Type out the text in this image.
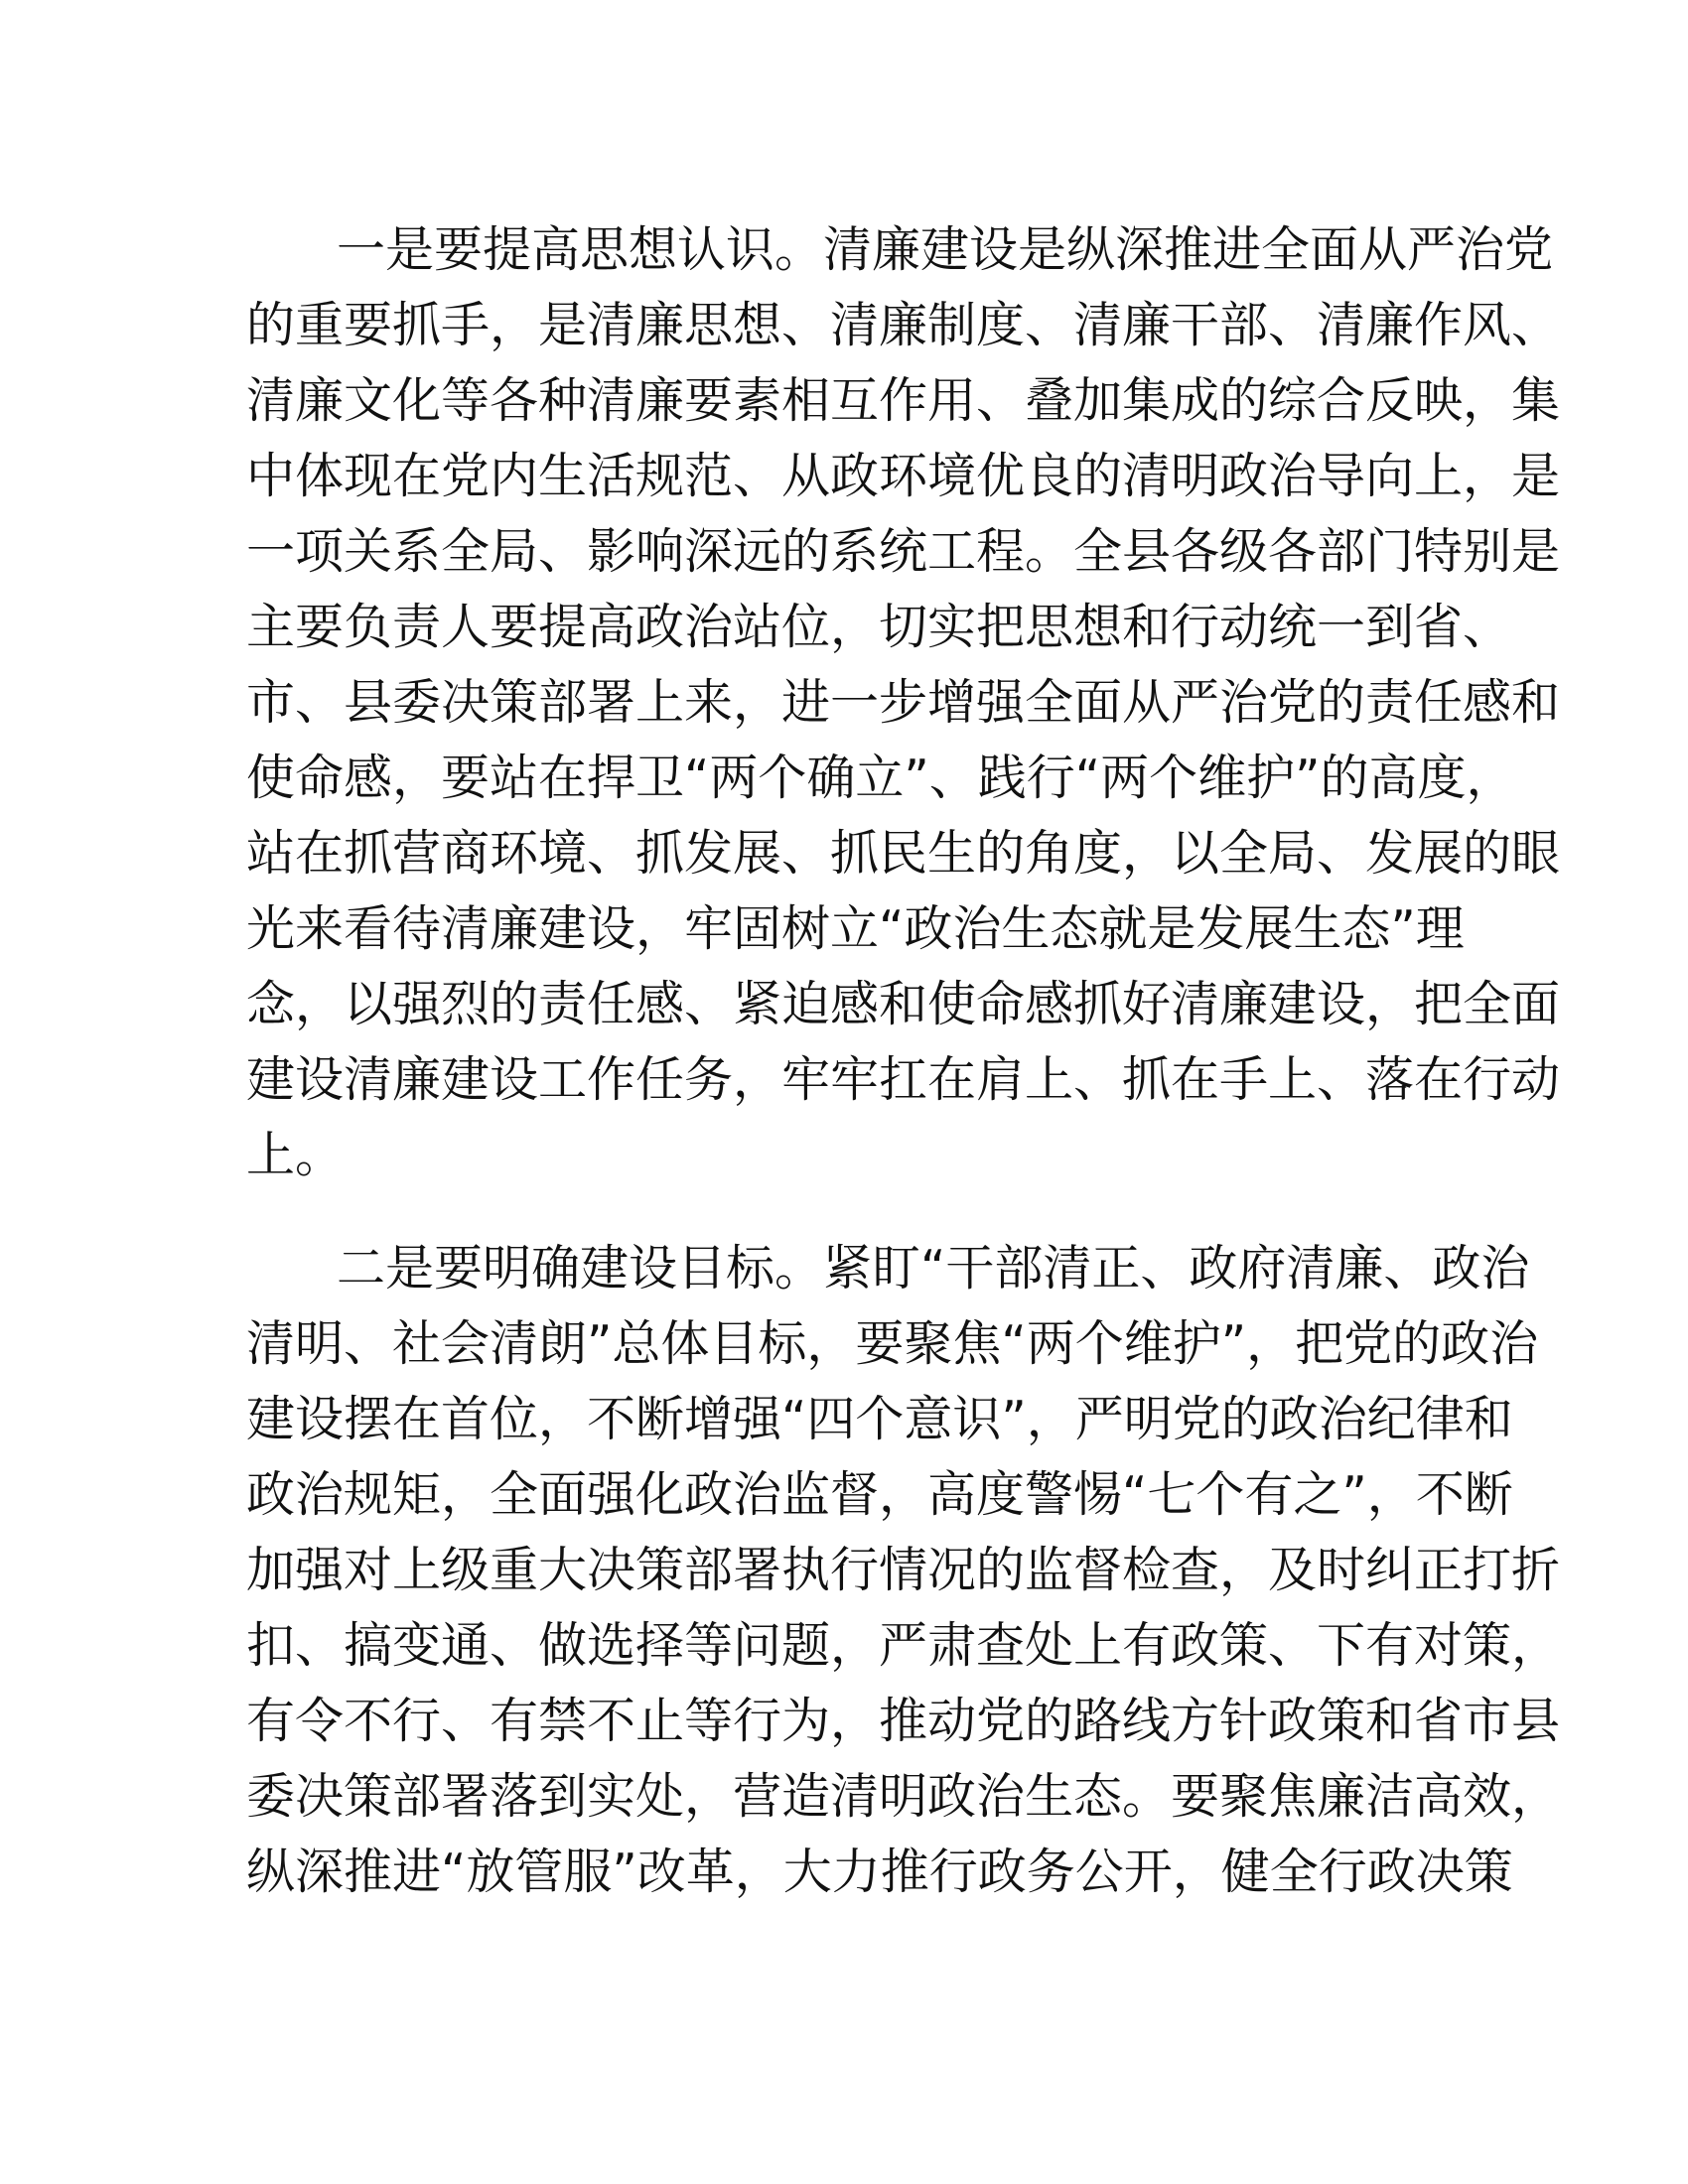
一是要提高思想认识。清廉建设是纵深推进全面从严治党

的重要抓手，是清廉思想、清廉制度、清廉干部、清廉作风、

清廉文化等各种清廉要素相互作用、叠加集成的综合反映，集

中体现在党内生活规范、从政环境优良的清明政治导向上，是

一项关系全局、影响深远的系统工程。全县各级各部门特别是

主要负责人要提高政治站位，切实把思想和行动统一到省、

市、县委决策部署上来，进一步增强全面从严治党的责任感和

使命感，要站在捍卫“两个确立”、践行“两个维护”的高度，

站在抓营商环境、抓发展、抓民生的角度，以全局、发展的眼

光来看待清廉建设，牢固树立“政治生态就是发展生态”理

念，以强烈的责任感、紧迫感和使命感抓好清廉建设，把全面

建设清廉建设工作任务，牢牢扛在肩上、抓在手上、落在行动

上。

二是要明确建设目标。紧盯“干部清正、政府清廉、政治

清明、社会清朗”总体目标，要聚焦“两个维护”，把党的政治

建设摆在首位，不断增强“四个意识”，严明党的政治纪律和

政治规矩，全面强化政治监督，高度警惕“七个有之”，不断

加强对上级重大决策部署执行情况的监督检查，及时纠正打折

扣、搞变通、做选择等问题，严肃查处上有政策、下有对策，

有令不行、有禁不止等行为，推动党的路线方针政策和省市县

委决策部署落到实处，营造清明政治生态。要聚焦廉洁高效，

纵深推进“放管服”改革，大力推行政务公开，健全行政决策
